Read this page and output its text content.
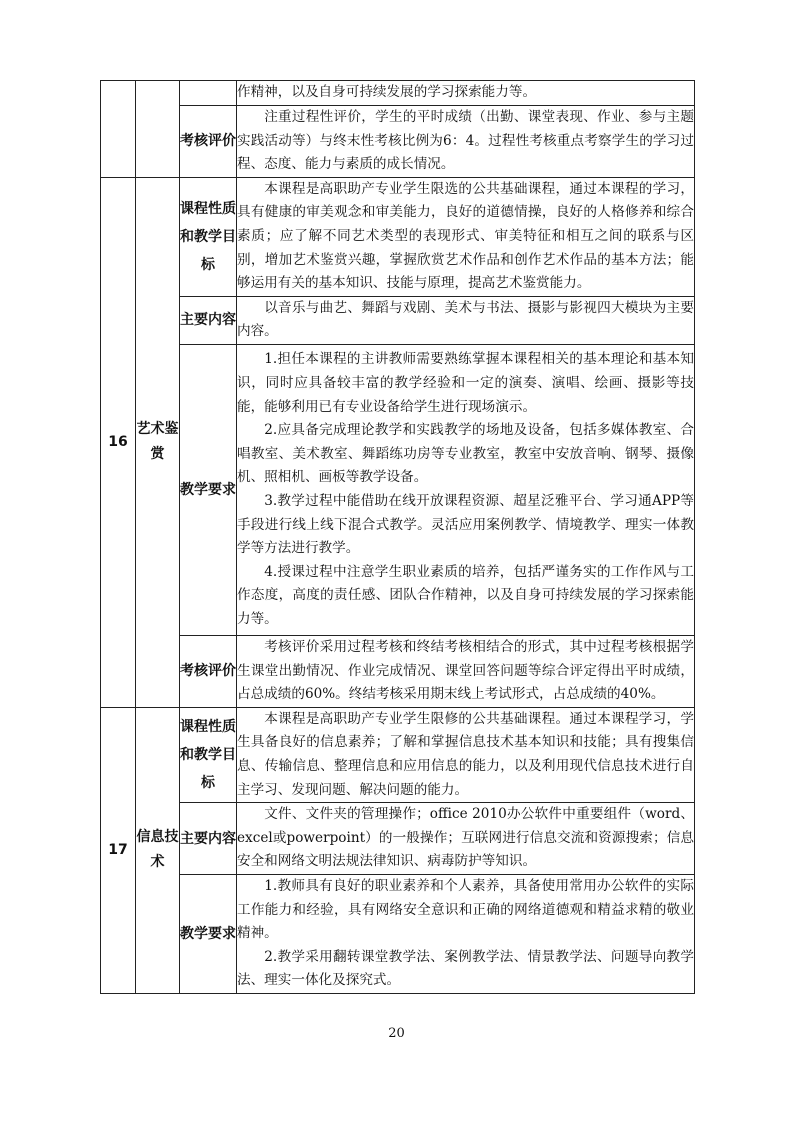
			作精神，以及自身可持续发展的学习探索能力等。

		考核评价	注重过程性评价，学生的平时成绩（出勤、课堂表现、作业、参与主题实践活动等）与终末性考核比例为6：4。过程性考核重点考察学生的学习过程、态度、能力与素质的成长情况。

16	艺术鉴赏	课程性质和教学目标	本课程是高职助产专业学生限选的公共基础课程，通过本课程的学习，具有健康的审美观念和审美能力，良好的道德情操，良好的人格修养和综合素质；应了解不同艺术类型的表现形式、审美特征和相互之间的联系与区别，增加艺术鉴赏兴趣，掌握欣赏艺术作品和创作艺术作品的基本方法；能够运用有关的基本知识、技能与原理，提高艺术鉴赏能力。

		主要内容	以音乐与曲艺、舞蹈与戏剧、美术与书法、摄影与影视四大模块为主要内容。

		教学要求	1.担任本课程的主讲教师需要熟练掌握本课程相关的基本理论和基本知识，同时应具备较丰富的教学经验和一定的演奏、演唱、绘画、摄影等技能，能够利用已有专业设备给学生进行现场演示。

2.应具备完成理论教学和实践教学的场地及设备，包括多媒体教室、合唱教室、美术教室、舞蹈练功房等专业教室，教室中安放音响、钢琴、摄像机、照相机、画板等教学设备。

3.教学过程中能借助在线开放课程资源、超星泛雅平台、学习通APP等手段进行线上线下混合式教学。灵活应用案例教学、情境教学、理实一体教学等方法进行教学。

4.授课过程中注意学生职业素质的培养，包括严谨务实的工作作风与工作态度，高度的责任感、团队合作精神，以及自身可持续发展的学习探索能力等。

		考核评价	考核评价采用过程考核和终结考核相结合的形式，其中过程考核根据学生课堂出勤情况、作业完成情况、课堂回答问题等综合评定得出平时成绩，占总成绩的60%。终结考核采用期末线上考试形式，占总成绩的40%。

17	信息技术	课程性质和教学目标	本课程是高职助产专业学生限修的公共基础课程。通过本课程学习，学生具备良好的信息素养；了解和掌握信息技术基本知识和技能；具有搜集信息、传输信息、整理信息和应用信息的能力，以及利用现代信息技术进行自主学习、发现问题、解决问题的能力。

		主要内容	文件、文件夹的管理操作；office 2010办公软件中重要组件（word、excel或powerpoint）的一般操作；互联网进行信息交流和资源搜索；信息安全和网络文明法规法律知识、病毒防护等知识。

		教学要求	1.教师具有良好的职业素养和个人素养，具备使用常用办公软件的实际工作能力和经验，具有网络安全意识和正确的网络道德观和精益求精的敬业精神。

2.教学采用翻转课堂教学法、案例教学法、情景教学法、问题导向教学法、理实一体化及探究式。

20
